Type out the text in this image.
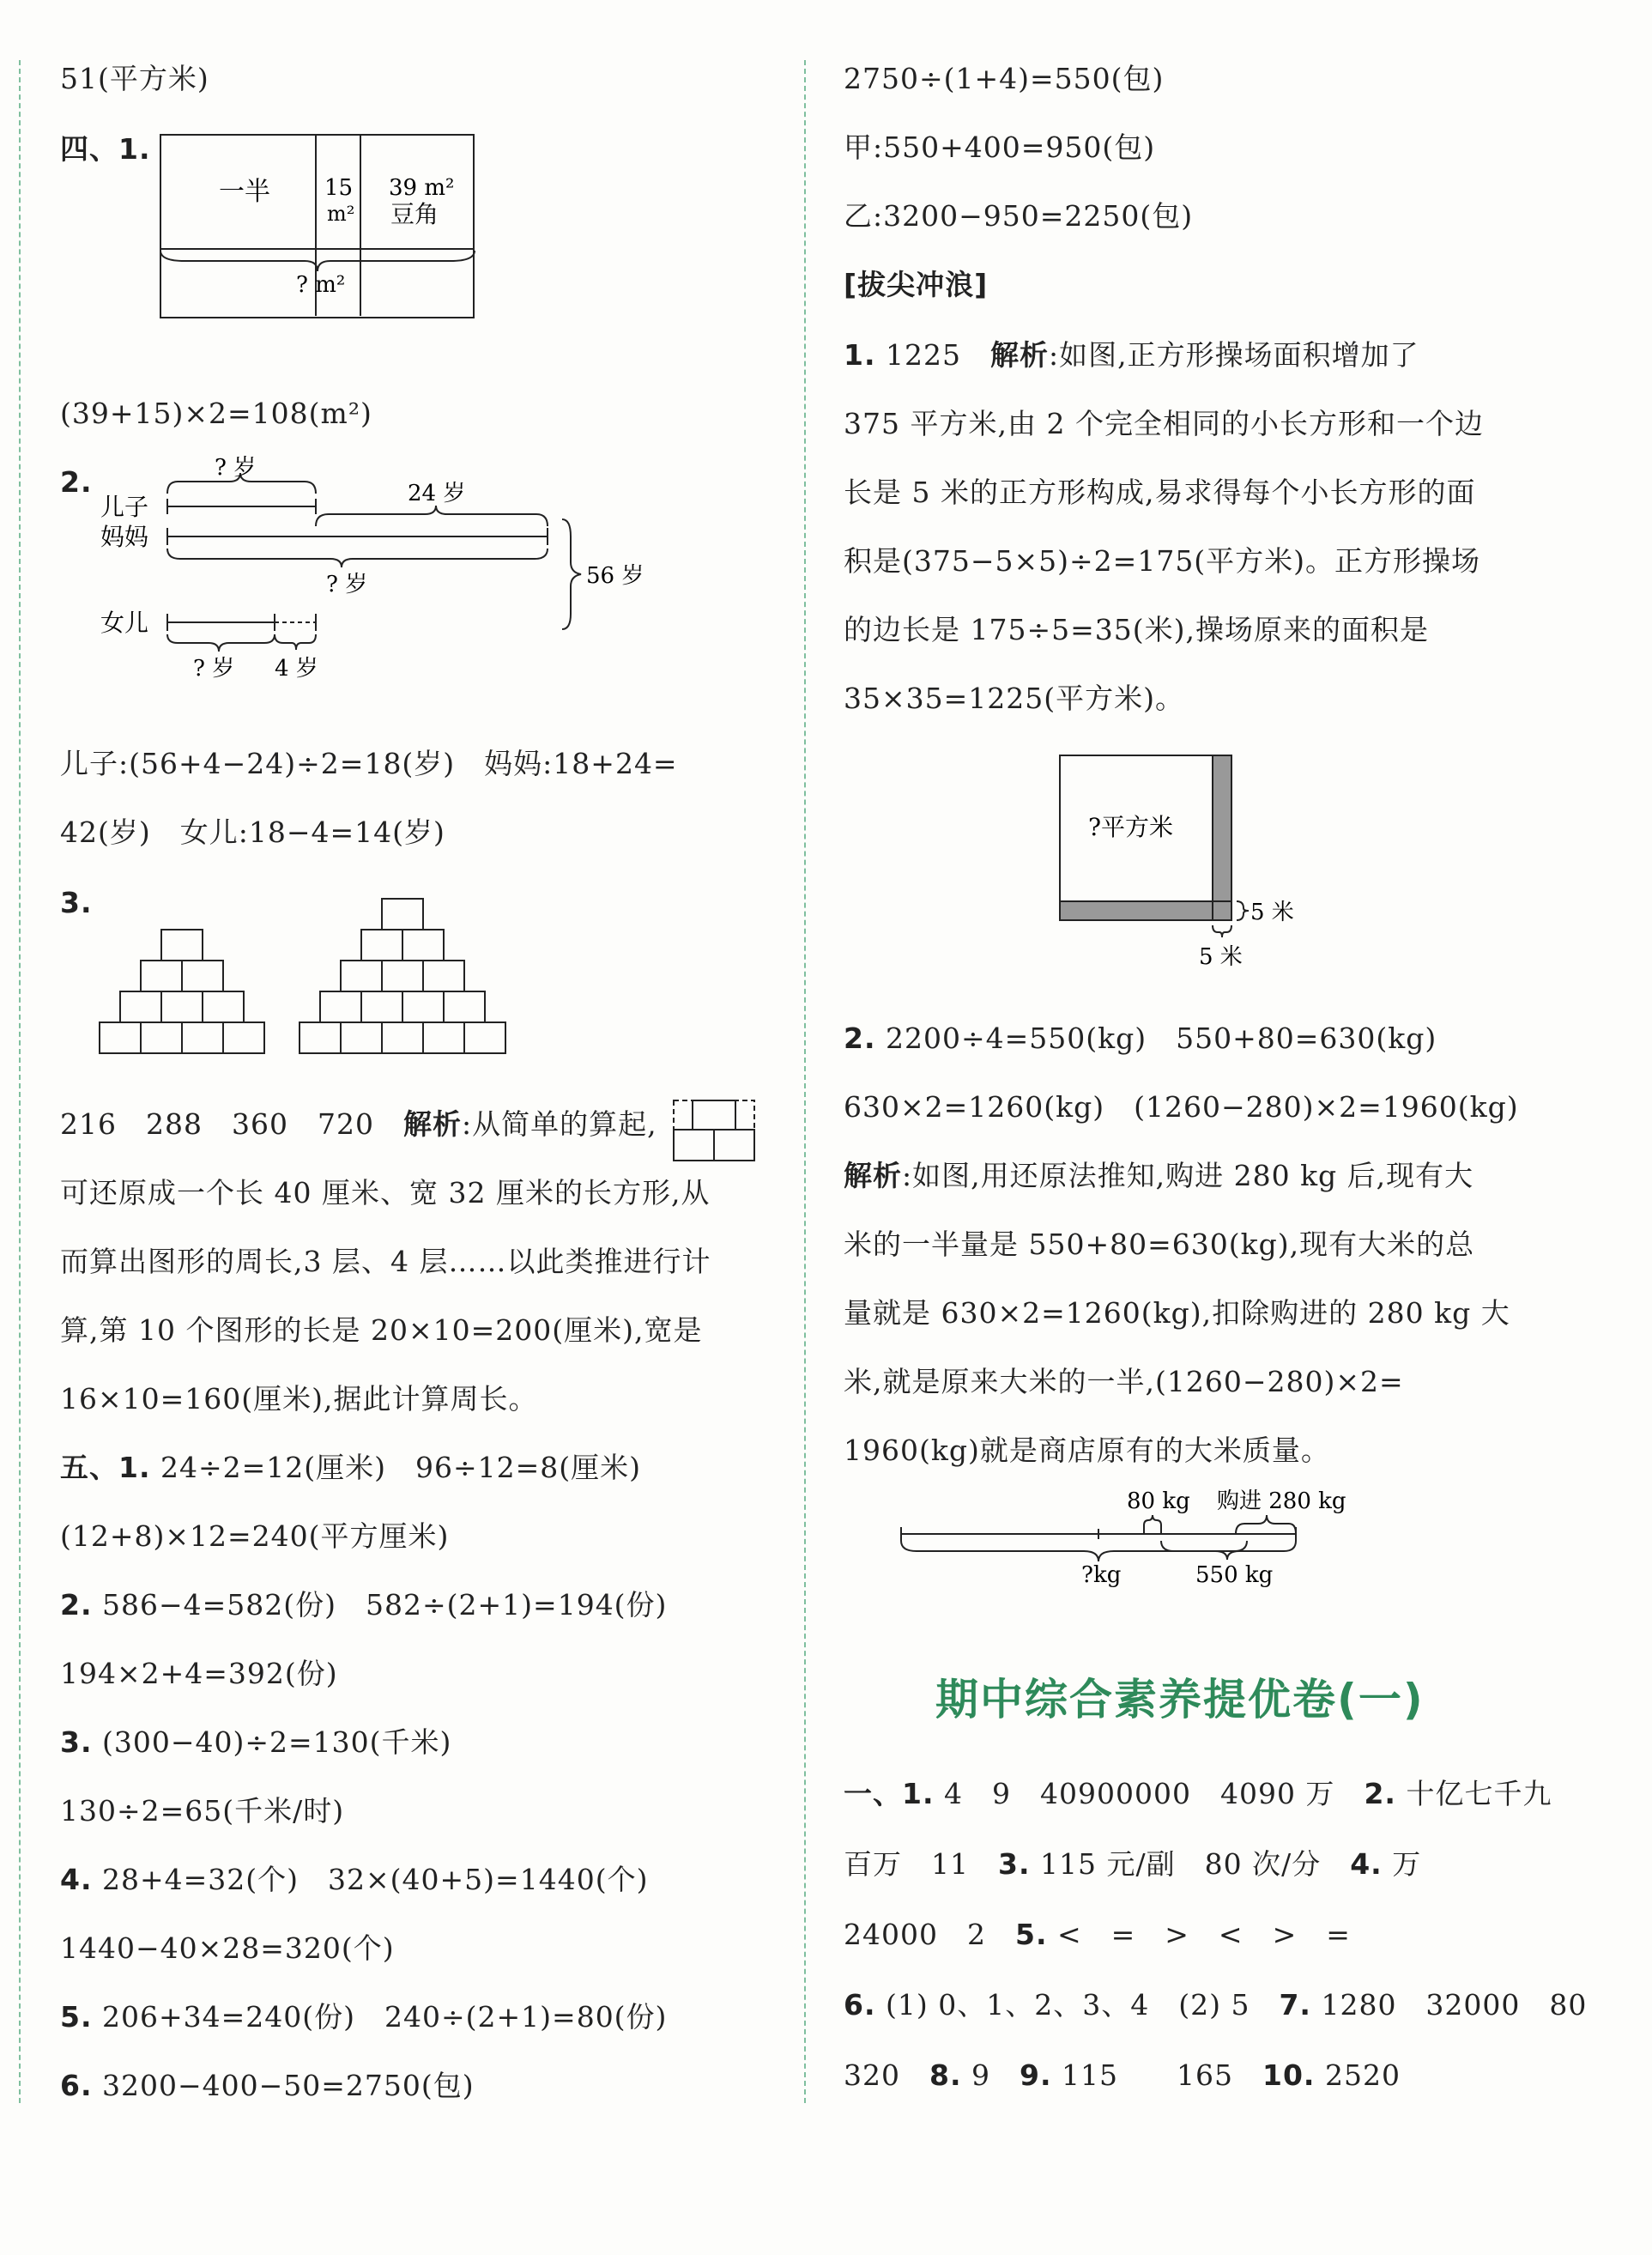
51(平方米)
四、1.
一半 15
m²
39 m²
豆角
? m²
(39+15)×2=108(m²)
2.	? 岁
儿子	24 岁
妈妈
? 岁	56 岁
女儿
? 岁 4 岁
儿子:(56+4−24)÷2=18(岁)　妈妈:18+24=
42(岁)　女儿:18−4=14(岁)
3.
216　288　360　720　 解析:从简单的算起,
可还原成一个长 40 厘米、宽 32 厘米的长方形,从
而算出图形的周长,3 层、4 层……以此类推进行计
算,第 10 个图形的长是 20×10=200(厘米),宽是
16×10=160(厘米),据此计算周长。
五、1. 24÷2=12(厘米)　96÷12=8(厘米)
(12+8)×12=240(平方厘米)
2. 586−4=582(份)　582÷(2+1)=194(份)
194×2+4=392(份)
3. (300−40)÷2=130(千米)
130÷2=65(千米/时)
4. 28+4=32(个)　32×(40+5)=1440(个)
1440−40×28=320(个)
5. 206+34=240(份)　240÷(2+1)=80(份)
6. 3200−400−50=2750(包)
2750÷(1+4)=550(包)
甲:550+400=950(包)
乙:3200−950=2250(包)
[拔尖冲浪]
1. 1225　 解析:如图,正方形操场面积增加了
375 平方米,由 2 个完全相同的小长方形和一个边
长是 5 米的正方形构成,易求得每个小长方形的面
积是(375−5×5)÷2=175(平方米)。正方形操场
的边长是 175÷5=35(米),操场原来的面积是
35×35=1225(平方米)。
?平方米
5 米
5 米
2. 2200÷4=550(kg)　550+80=630(kg)
630×2=1260(kg)　(1260−280)×2=1960(kg)
解析:如图,用还原法推知,购进 280 kg 后,现有大
米的一半量是 550+80=630(kg),现有大米的总
量就是 630×2=1260(kg),扣除购进的 280 kg 大
米,就是原来大米的一半,(1260−280)×2=
1960(kg)就是商店原有的大米质量。
80 kg 购进 280 kg
?kg	550 kg
期中综合素养提优卷(一)
一、1. 4　9　40900000　4090 万　 2. 十亿七千九
百万　11　 3. 115 元/副　80 次/分　 4. 万
24000　2　 5. <　=　>　<　>　=
6. (1) 0、1、2、3、4　(2) 5　 7. 1280　32000　80
320　 8. 9　 9. 115　　165　 10. 2520
